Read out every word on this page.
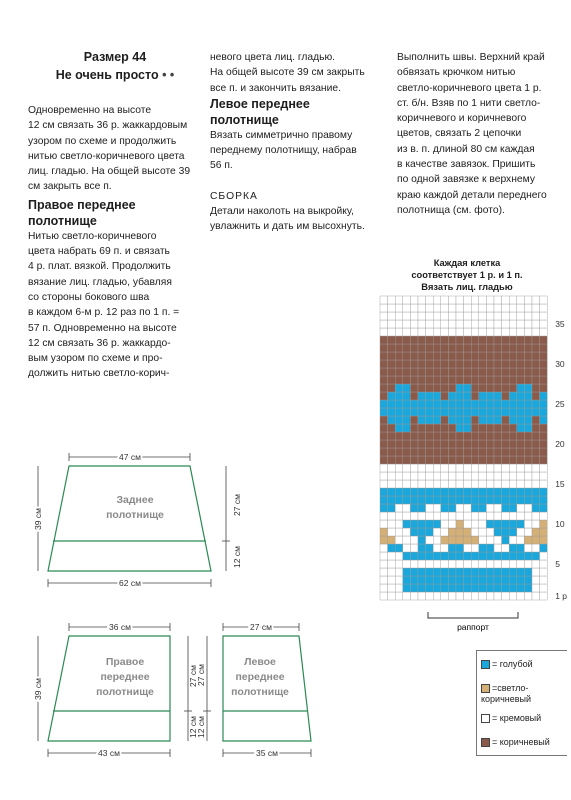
Размер 44
Не очень просто • •
Одновременно на высоте
12 см связать 36 р. жаккардовым
узором по схеме и продолжить
нитью светло-коричневого цвета
лиц. гладью. На общей высоте 39
см закрыть все п.
Правое переднее
полотнище
Нитью светло-коричневого
цвета набрать 69 п. и связать
4 р. плат. вязкой. Продолжить
вязание лиц. гладью, убавляя
со стороны бокового шва
в каждом 6-м р. 12 раз по 1 п. =
57 п. Одновременно на высоте
12 см связать 36 р. жаккардо-
вым узором по схеме и про-
должить нитью светло-корич-
невого цвета лиц. гладью.
На общей высоте 39 см закрыть
все п. и закончить вязание.
Левое переднее полотнище
Вязать симметрично правому
переднему полотнищу, набрав
56 п.
СБОРКА
Детали наколоть на выкройку,
увлажнить и дать им высохнуть.
Выполнить швы. Верхний край
обвязать крючком нитью
светло-коричневого цвета 1 р.
ст. б/н. Взяв по 1 нити светло-
коричневого и коричневого
цветов, связать 2 цепочки
из в. п. длиной 80 см каждая
в качестве завязок. Пришить
по одной завязке к верхнему
краю каждой детали переднего
полотнища (см. фото).
Каждая клетка
соответствует 1 р. и 1 п.
Вязать лиц. гладью
35
30
25
20
15
10
5
1 р
раппорт
47 см
62 см
39 см
27 см
12 см
Заднее
полотнище
36 см
43 см
39 см
27 см
12 см
Правое
переднее
полотнище
27 см
35 см
27 см
12 см
Левое
переднее
полотнище
= голубой
=светло-коричневый
= кремовый
= коричневый
